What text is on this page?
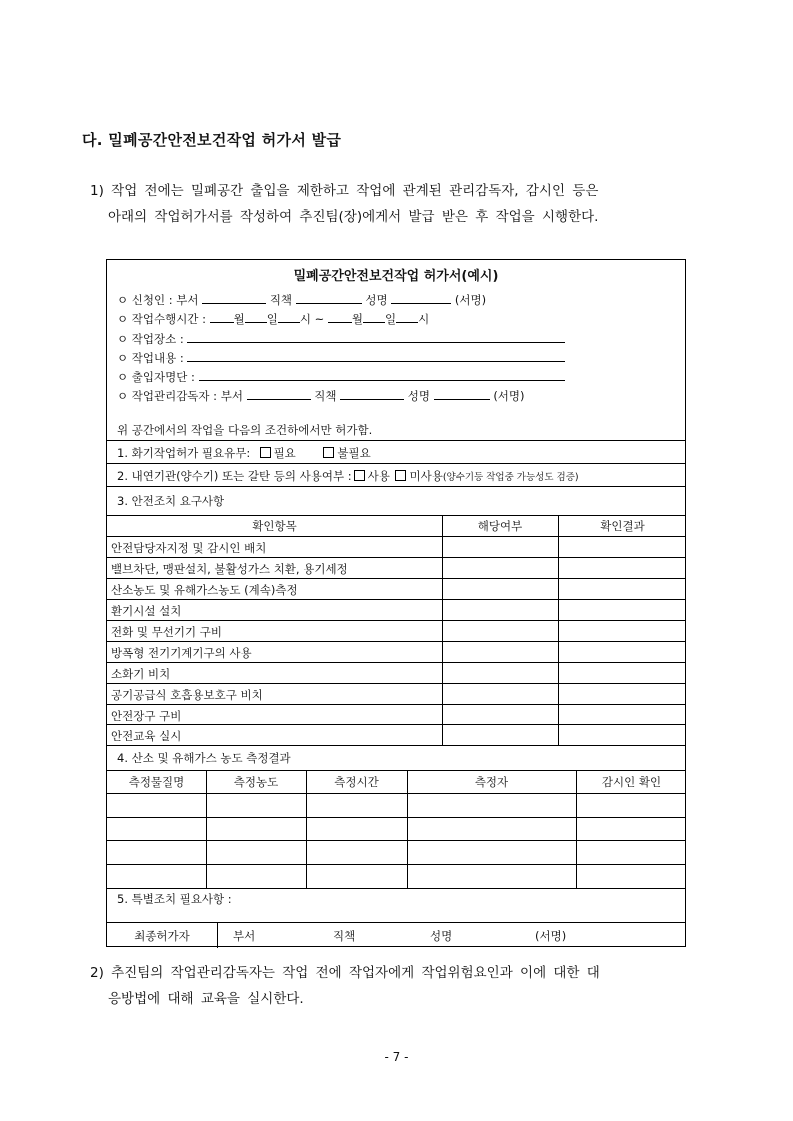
다. 밀폐공간안전보건작업 허가서 발급
1) 작업 전에는 밀폐공간 출입을 제한하고 작업에 관계된 관리감독자, 감시인 등은
아래의 작업허가서를 작성하여 추진팀(장)에게서 발급 받은 후 작업을 시행한다.
밀폐공간안전보건작업 허가서(예시)
ㅇ 신청인 : 부서	직책	성명	(서명)
ㅇ 작업수행시간 : 월 일 시 ~ 월 일 시
ㅇ 작업장소 :
ㅇ 작업내용 :
ㅇ 출입자명단 :
ㅇ 작업관리감독자 : 부서	직책	성명	(서명)
위 공간에서의 작업을 다음의 조건하에서만 허가함.
1. 화기작업허가 필요유무: 필요	불필요
2. 내연기관(양수기) 또는 갈탄 등의 사용여부 : 사용 미사용(양수기등 작업중 가능성도 검증)
3. 안전조치 요구사항
확인항목	해당여부	확인결과
안전담당자지정 및 감시인 배치
밸브차단, 맹판설치, 불활성가스 치환, 용기세정
산소농도 및 유해가스농도 (계속)측정
환기시설 설치
전화 및 무선기기 구비
방폭형 전기기계기구의 사용
소화기 비치
공기공급식 호흡용보호구 비치
안전장구 구비
안전교육 실시
4. 산소 및 유해가스 농도 측정결과
측정물질명	측정농도	측정시간	측정자	감시인 확인
5. 특별조치 필요사항 :
최종허가자	부서	직책	성명	(서명)
2) 추진팀의 작업관리감독자는 작업 전에 작업자에게 작업위험요인과 이에 대한 대
응방법에 대해 교육을 실시한다.
- 7 -
